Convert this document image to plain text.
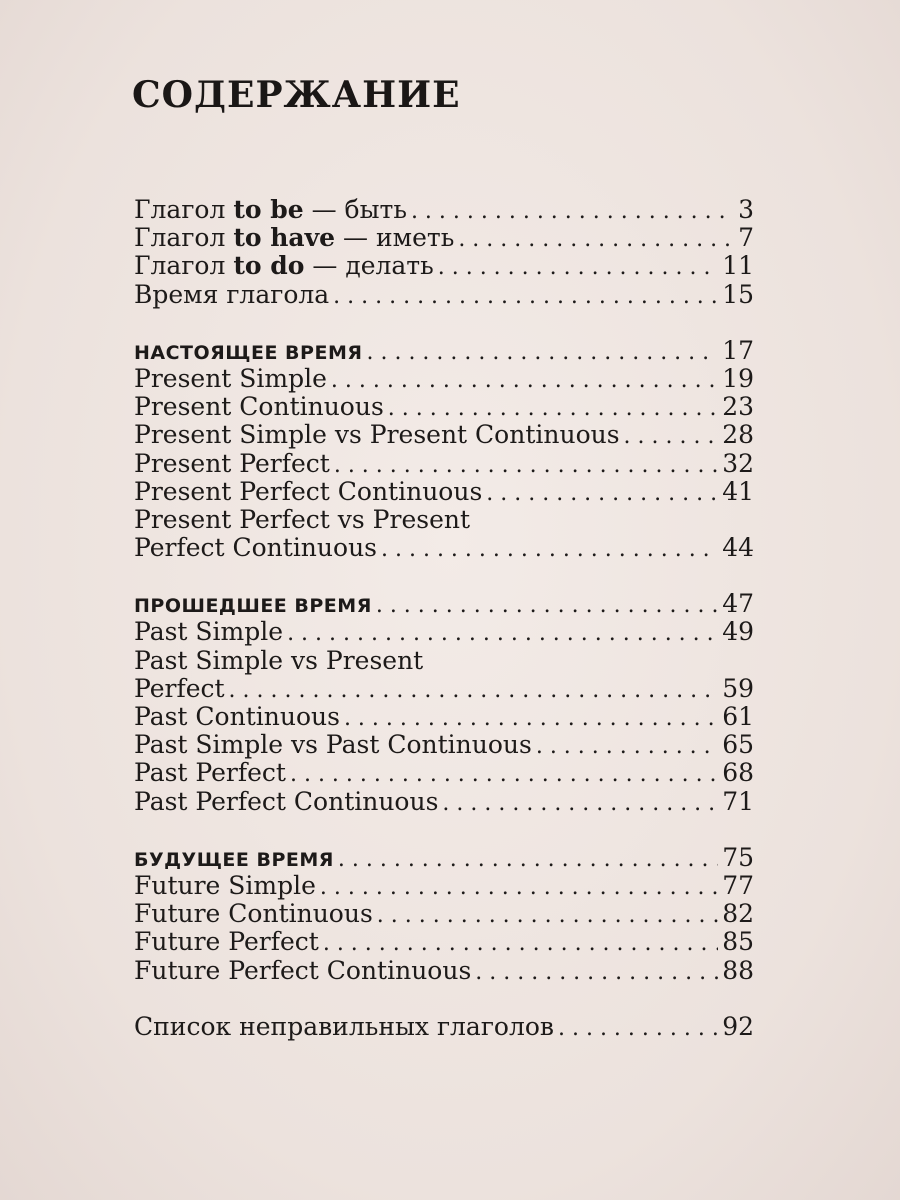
СОДЕРЖАНИЕ
Глагол to be — быть . . .	3
Глагол to have — иметь . . .	7
Глагол to do — делать . . .	11
Время глагола . . .	15
НАСТОЯЩЕЕ ВРЕМЯ . . .	17
Present Simple . . .	19
Present Continuous . . .	23
Present Simple vs Present Continuous . . .	28
Present Perfect . . .	32
Present Perfect Continuous . . .	41
Present Perfect vs Present
Perfect Continuous . . .	44
ПРОШЕДШЕЕ ВРЕМЯ . . .	47
Past Simple . . .	49
Past Simple vs Present
Perfect . . .	59
Past Continuous . . .	61
Past Simple vs Past Continuous . . .	65
Past Perfect . . .	68
Past Perfect Continuous . . .	71
БУДУЩЕЕ ВРЕМЯ . . .	75
Future Simple . . .	77
Future Continuous . . .	82
Future Perfect . . .	85
Future Perfect Continuous . . .	88
Список неправильных глаголов . . .	92
